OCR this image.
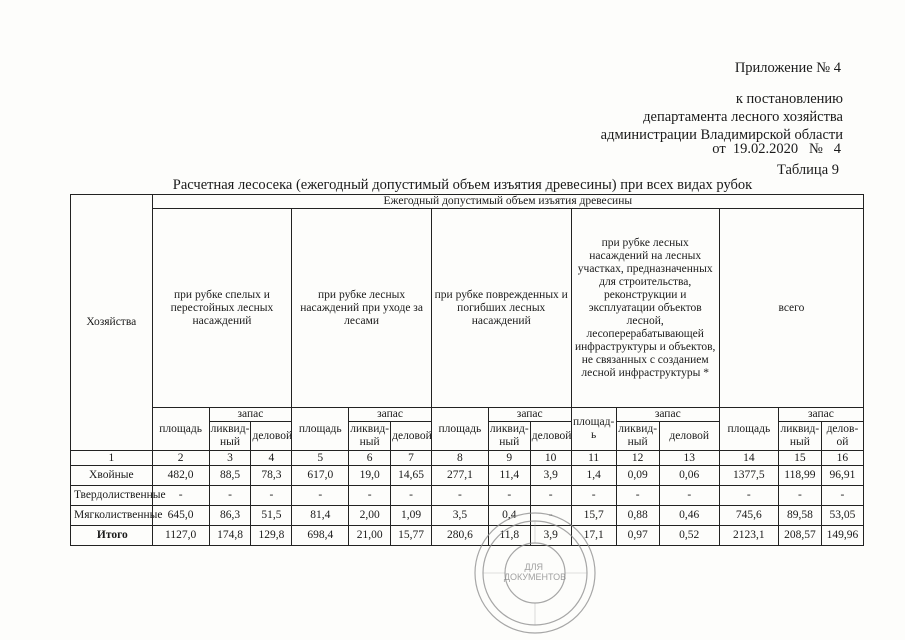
Приложение № 4
к постановлению
департамента лесного хозяйства
администрации Владимирской области
от  19.02.2020   №   4
Таблица 9
Расчетная лесосека (ежегодный допустимый объем изъятия древесины) при всех видах рубок
Хозяйства	Ежегодный допустимый объем изъятия древесины														
	при рубке спелых и перестойных лесных насаждений			при рубке лесных насаждений при уходе за лесами			при рубке поврежденных и погибших лесных насаждений			при рубке лесных насаждений на лесных участках, предназначенных для строительства, реконструкции и эксплуатации объектов лесной, лесоперерабатывающей инфраструктуры и объектов, не связанных с созданием лесной инфраструктуры *			всего		
	площадь	запас		площадь	запас		площадь	запас		площадь	запас		площадь	запас	
		ликвидный	деловой		ликвидный	деловой		ликвидный	деловой		ликвидный	деловой		ликвидный	деловой
1	2	3	4	5	6	7	8	9	10	11	12	13	14	15	16
Хвойные	482,0	88,5	78,3	617,0	19,0	14,65	277,1	11,4	3,9	1,4	0,09	0,06	1377,5	118,99	96,91
Твердолиственные	-	-	-	-	-	-	-	-	-	-	-	-	-	-	-
Мягколиственные	645,0	86,3	51,5	81,4	2,00	1,09	3,5	0,4	-	15,7	0,88	0,46	745,6	89,58	53,05
Итого	1127,0	174,8	129,8	698,4	21,00	15,77	280,6	11,8	3,9	17,1	0,97	0,52	2123,1	208,57	149,96
ДЛЯ ДОКУМЕНТОВ
